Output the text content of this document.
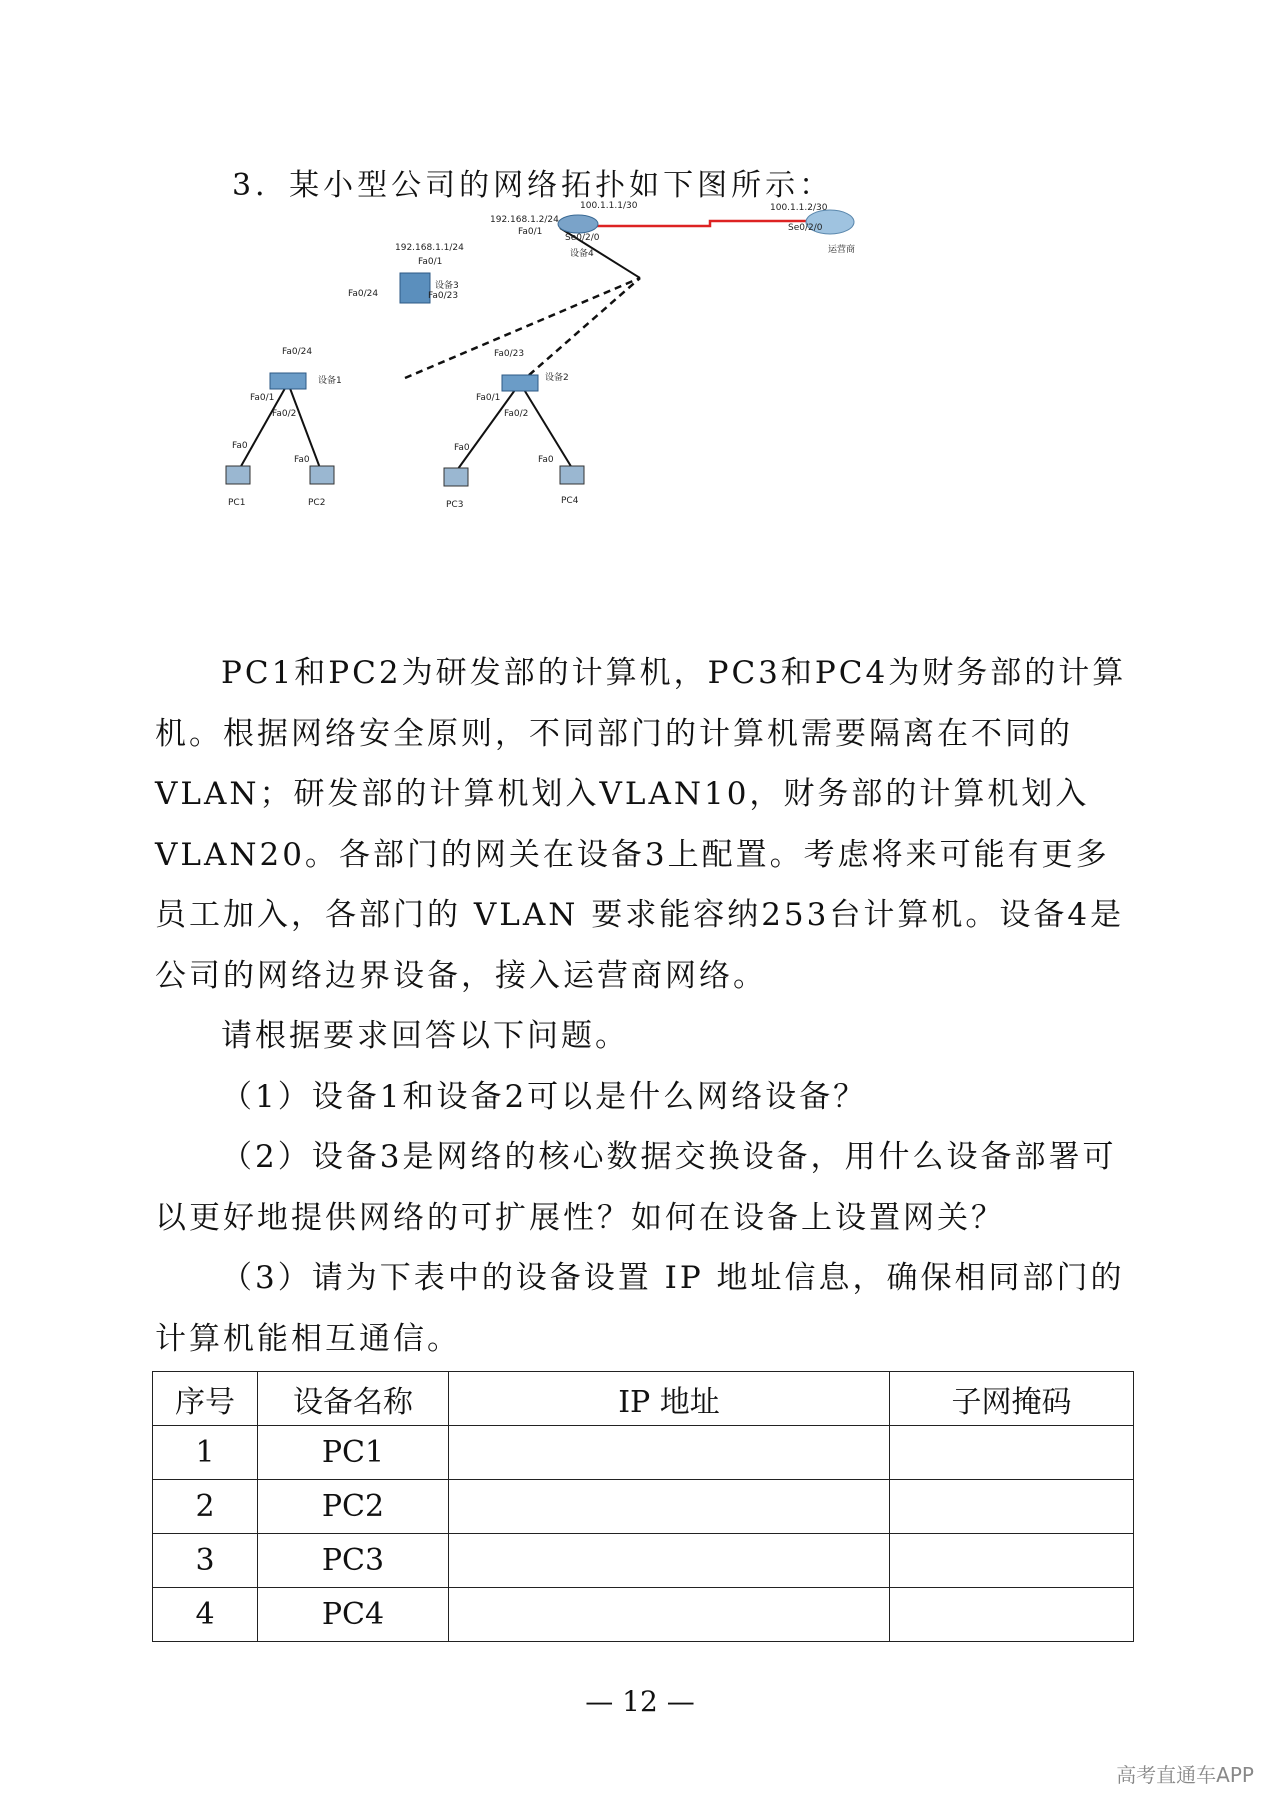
3．某小型公司的网络拓扑如下图所示：
192.168.1.2/24
Fa0/1
100.1.1.1/30
Se0/2/0
设备4
100.1.1.2/30
Se0/2/0
运营商
192.168.1.1/24
Fa0/1
设备3
Fa0/24	Fa0/23
Fa0/24
设备1
Fa0/1
Fa0/2
Fa0/23
设备2
Fa0/1
Fa0/2
Fa0
Fa0
Fa0
Fa0
PC1	PC2	PC3	PC4

PC1和PC2为研发部的计算机，PC3和PC4为财务部的计算机。根据网络安全原则，不同部门的计算机需要隔离在不同的VLAN；研发部的计算机划入VLAN10，财务部的计算机划入VLAN20。各部门的网关在设备3上配置。考虑将来可能有更多员工加入，各部门的 VLAN 要求能容纳253台计算机。设备4是公司的网络边界设备，接入运营商网络。

请根据要求回答以下问题。

（1）设备1和设备2可以是什么网络设备？

（2）设备3是网络的核心数据交换设备，用什么设备部署可以更好地提供网络的可扩展性？如何在设备上设置网关？

（3）请为下表中的设备设置 IP 地址信息，确保相同部门的计算机能相互通信。

序号	设备名称	IP 地址	子网掩码
1	PC1		
2	PC2		
3	PC3		
4	PC4		
— 12 —
高考直通车APP
